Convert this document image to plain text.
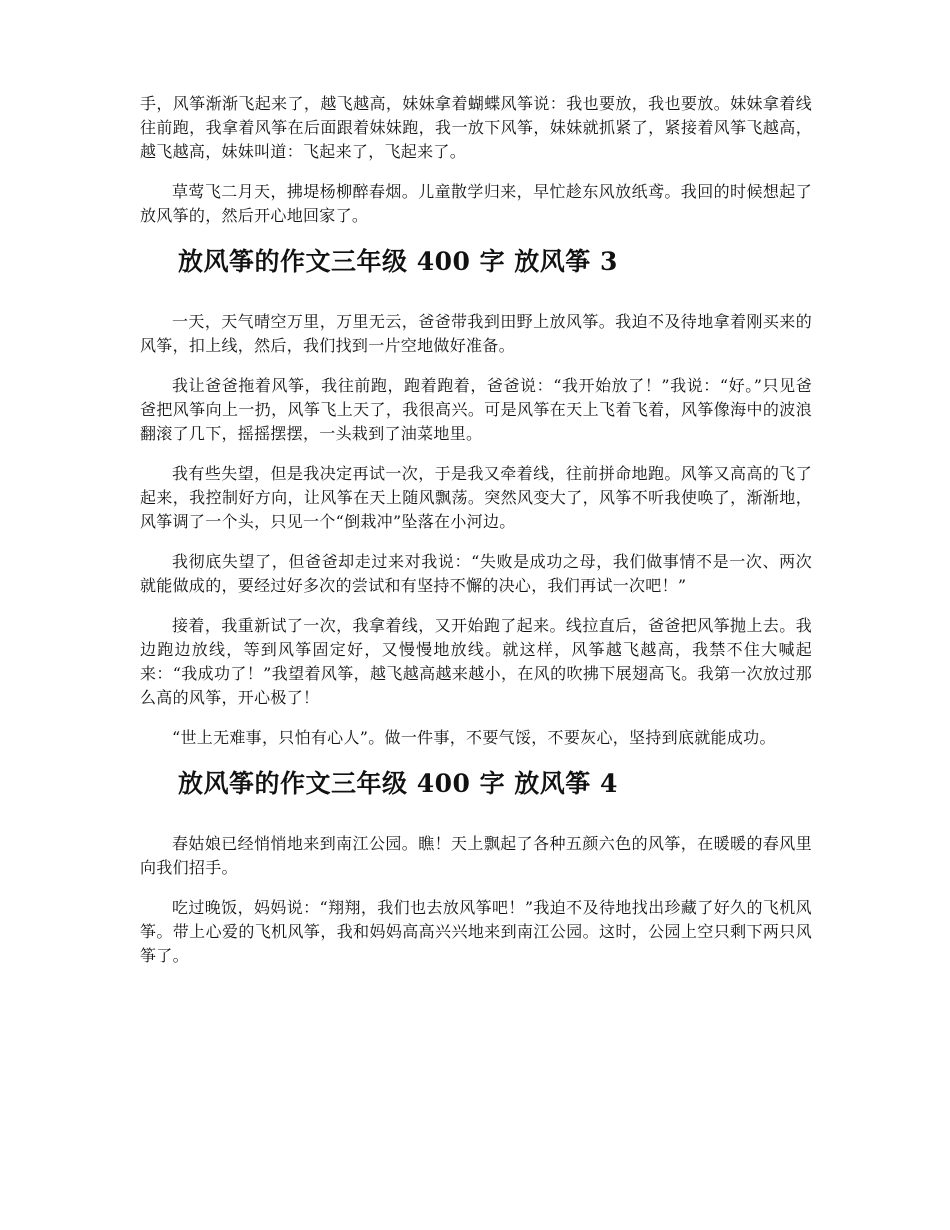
手，风筝渐渐飞起来了，越飞越高，妹妹拿着蝴蝶风筝说：我也要放，我也要放。妹妹拿着线往前跑，我拿着风筝在后面跟着妹妹跑，我一放下风筝，妹妹就抓紧了，紧接着风筝飞越高，越飞越高，妹妹叫道：飞起来了，飞起来了。

草莺飞二月天，拂堤杨柳醉春烟。儿童散学归来，早忙趁东风放纸鸢。我回的时候想起了放风筝的，然后开心地回家了。

放风筝的作文三年级 400 字 放风筝 3

一天，天气晴空万里，万里无云，爸爸带我到田野上放风筝。我迫不及待地拿着刚买来的风筝，扣上线，然后，我们找到一片空地做好准备。

我让爸爸拖着风筝，我往前跑，跑着跑着，爸爸说：“我开始放了！”我说：“好。”只见爸爸把风筝向上一扔，风筝飞上天了，我很高兴。可是风筝在天上飞着飞着，风筝像海中的波浪翻滚了几下，摇摇摆摆，一头栽到了油菜地里。

我有些失望，但是我决定再试一次，于是我又牵着线，往前拼命地跑。风筝又高高的飞了起来，我控制好方向，让风筝在天上随风飘荡。突然风变大了，风筝不听我使唤了，渐渐地，风筝调了一个头，只见一个“倒栽冲”坠落在小河边。

我彻底失望了，但爸爸却走过来对我说：“失败是成功之母，我们做事情不是一次、两次就能做成的，要经过好多次的尝试和有坚持不懈的决心，我们再试一次吧！”

接着，我重新试了一次，我拿着线，又开始跑了起来。线拉直后，爸爸把风筝抛上去。我边跑边放线，等到风筝固定好，又慢慢地放线。就这样，风筝越飞越高，我禁不住大喊起来：“我成功了！”我望着风筝，越飞越高越来越小，在风的吹拂下展翅高飞。我第一次放过那么高的风筝，开心极了！

“世上无难事，只怕有心人”。做一件事，不要气馁，不要灰心，坚持到底就能成功。

放风筝的作文三年级 400 字 放风筝 4

春姑娘已经悄悄地来到南江公园。瞧！天上飘起了各种五颜六色的风筝，在暖暖的春风里向我们招手。

吃过晚饭，妈妈说：“翔翔，我们也去放风筝吧！”我迫不及待地找出珍藏了好久的飞机风筝。带上心爱的飞机风筝，我和妈妈高高兴兴地来到南江公园。这时，公园上空只剩下两只风筝了。
